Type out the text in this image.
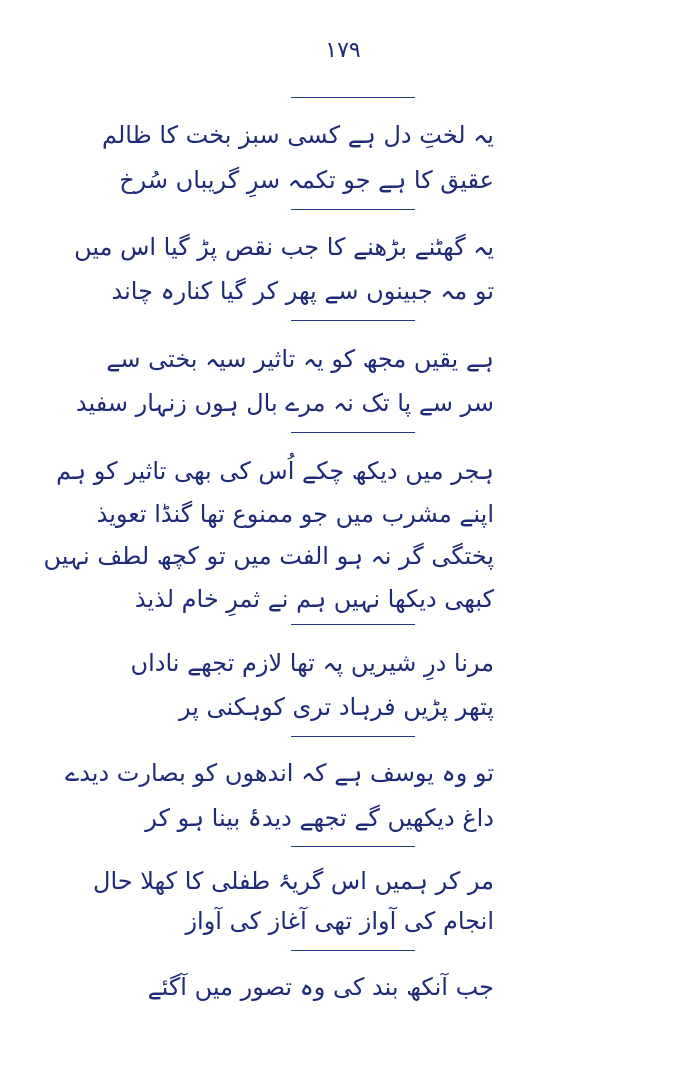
۱۷۹
یہ لختِ دل ہے کسی سبز بخت کا ظالم
عقیق کا ہے جو تکمہ سرِ گریباں سُرخ
یہ گھٹنے بڑھنے کا جب نقص پڑ گیا اس میں
تو مہ جبینوں سے پھر کر گیا کنارہ چاند
ہے یقیں مجھ کو یہ تاثیر سیہ بختی سے
سر سے پا تک نہ مرے بال ہوں زنہار سفید
ہجر میں دیکھ چکے اُس کی بھی تاثیر کو ہم
اپنے مشرب میں جو ممنوع تھا گنڈا تعویذ
پختگی گر نہ ہو الفت میں تو کچھ لطف نہیں
کبھی دیکھا نہیں ہم نے ثمرِ خام لذیذ
مرنا درِ شیریں پہ تھا لازم تجھے ناداں
پتھر پڑیں فرہاد تری کوہکنی پر
تو وہ یوسف ہے کہ اندھوں کو بصارت دیدے
داغ دیکھیں گے تجھے دیدۂ بینا ہو کر
مر کر ہمیں اس گریۂ طفلی کا کھلا حال
انجام کی آواز تھی آغاز کی آواز
جب آنکھ بند کی وہ تصور میں آگئے
